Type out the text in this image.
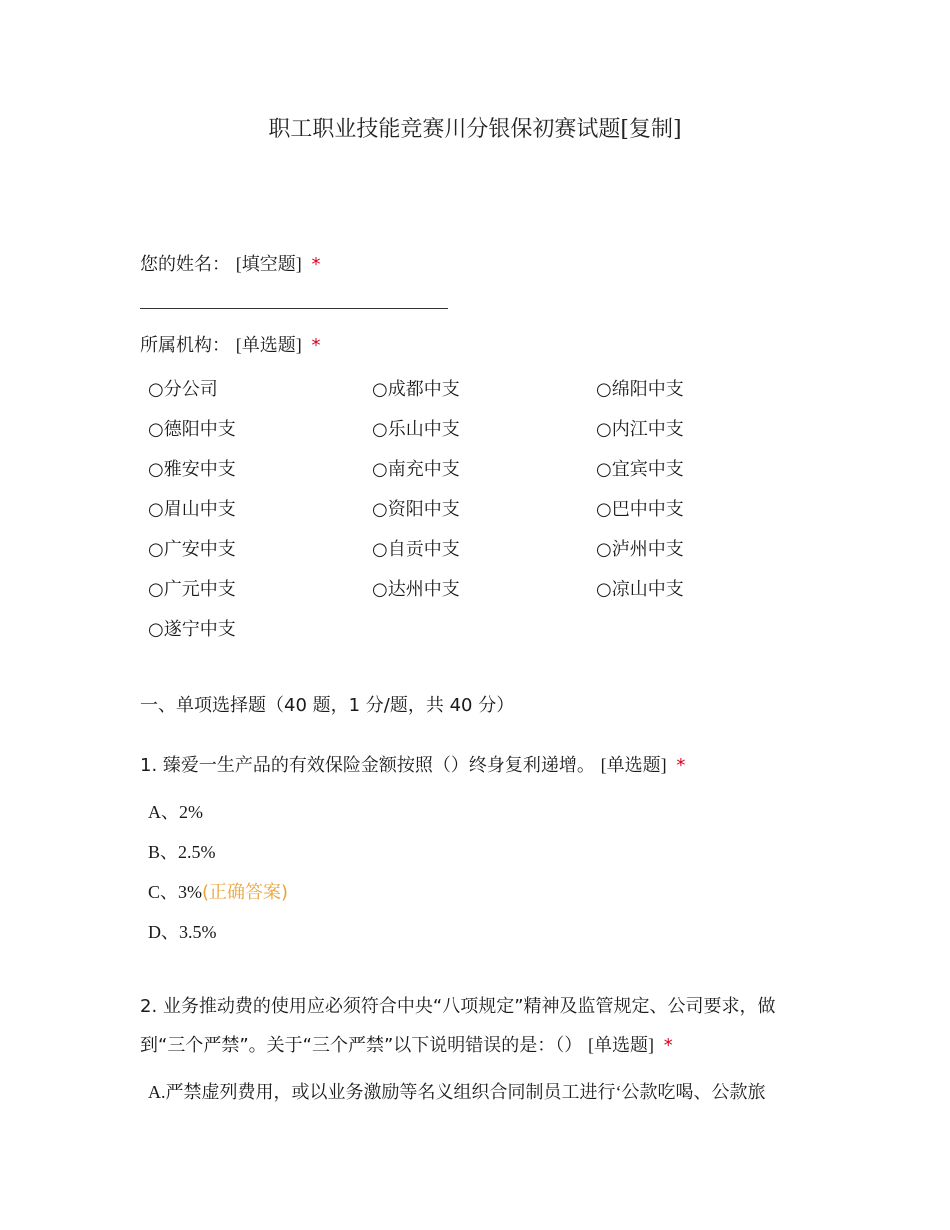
职工职业技能竞赛川分银保初赛试题[复制]
您的姓名： [填空题] *
所属机构： [单选题] *
○分公司	○成都中支	○绵阳中支
○德阳中支	○乐山中支	○内江中支
○雅安中支	○南充中支	○宜宾中支
○眉山中支	○资阳中支	○巴中中支
○广安中支	○自贡中支	○泸州中支
○广元中支	○达州中支	○凉山中支
○遂宁中支
一、单项选择题（40 题，1 分/题，共 40 分）
1. 臻爱一生产品的有效保险金额按照（）终身复利递增。 [单选题] *
A、2%
B、2.5%
C、3%(正确答案)
D、3.5%
2. 业务推动费的使用应必须符合中央“八项规定”精神及监管规定、公司要求，做
到“三个严禁”。关于“三个严禁”以下说明错误的是：（） [单选题] *
A.严禁虚列费用，或以业务激励等名义组织合同制员工进行‘公款吃喝、公款旅
